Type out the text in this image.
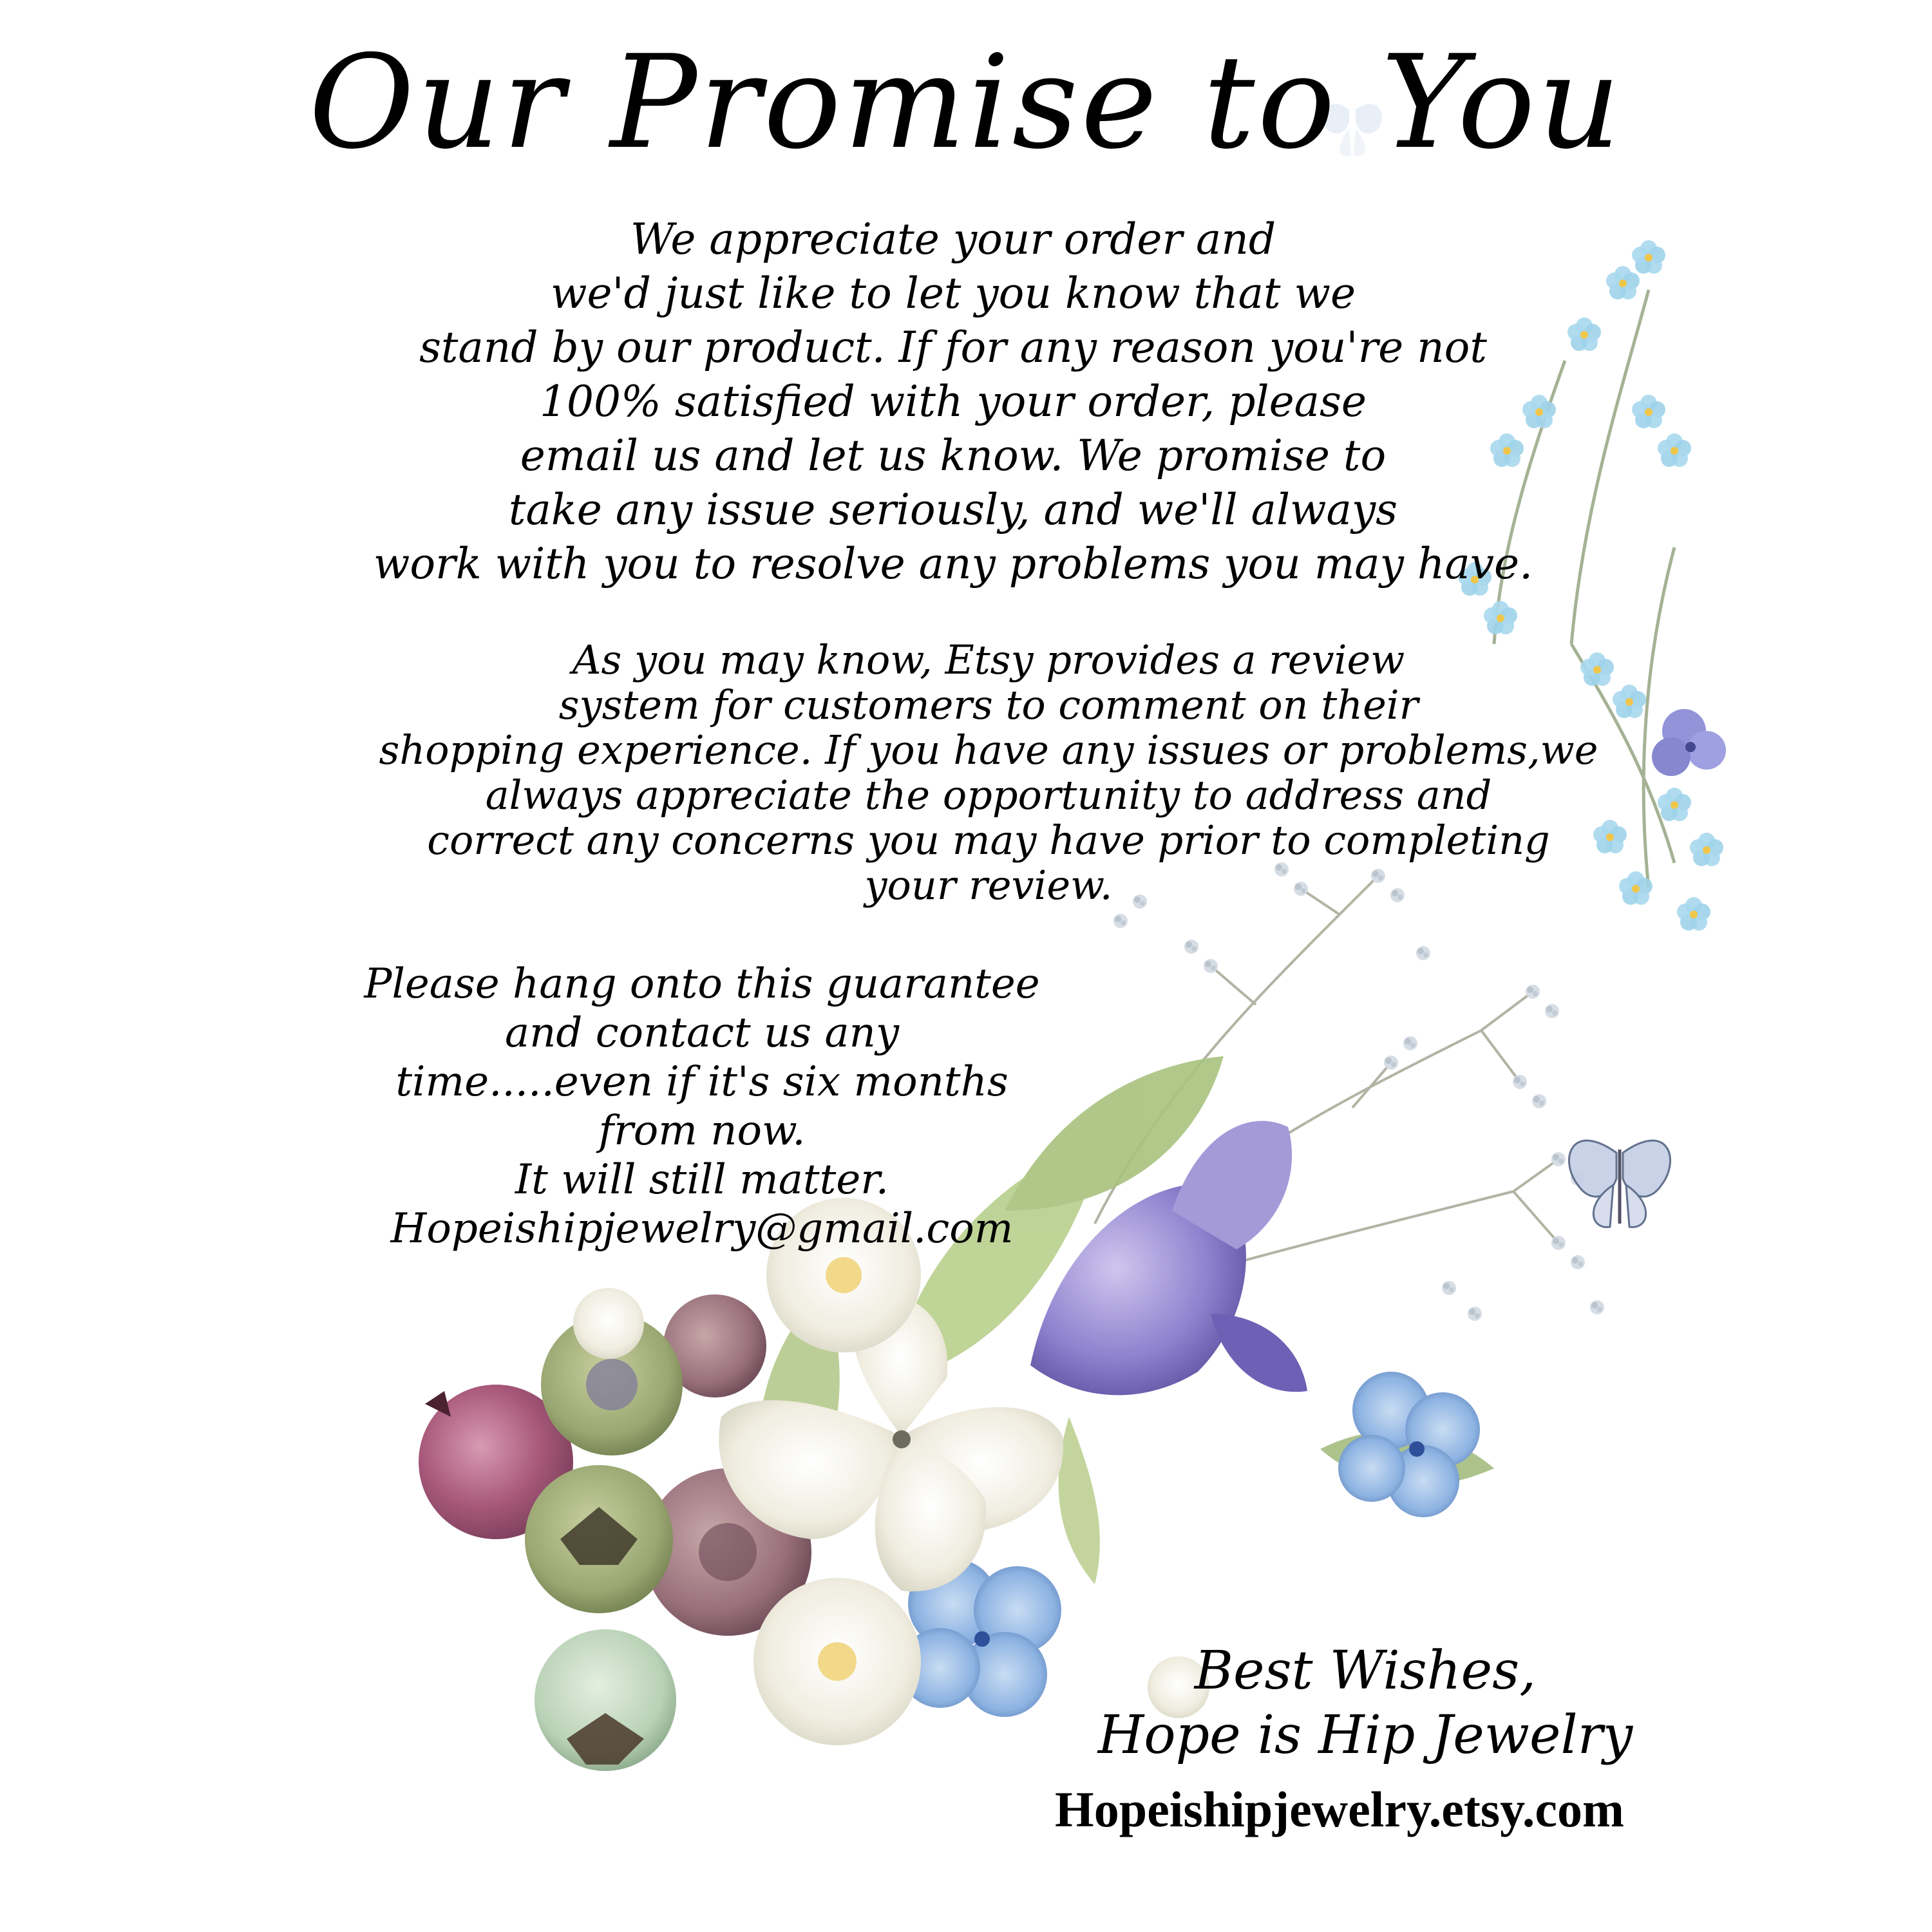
Our Promise to You
We appreciate your order and
we'd just like to let you know that we
stand by our product. If for any reason you're not
100% satisfied with your order, please
email us and let us know. We promise to
take any issue seriously, and we'll always
work with you to resolve any problems you may have.
As you may know, Etsy provides a review
system for customers to comment on their
shopping experience. If you have any issues or problems,we
always appreciate the opportunity to address and
correct any concerns you may have prior to completing
your review.
Please hang onto this guarantee
and contact us any
time.....even if it's six months
from now.
It will still matter.
Hopeishipjewelry@gmail.com
Best Wishes,
Hope is Hip Jewelry
Hopeishipjewelry.etsy.com
